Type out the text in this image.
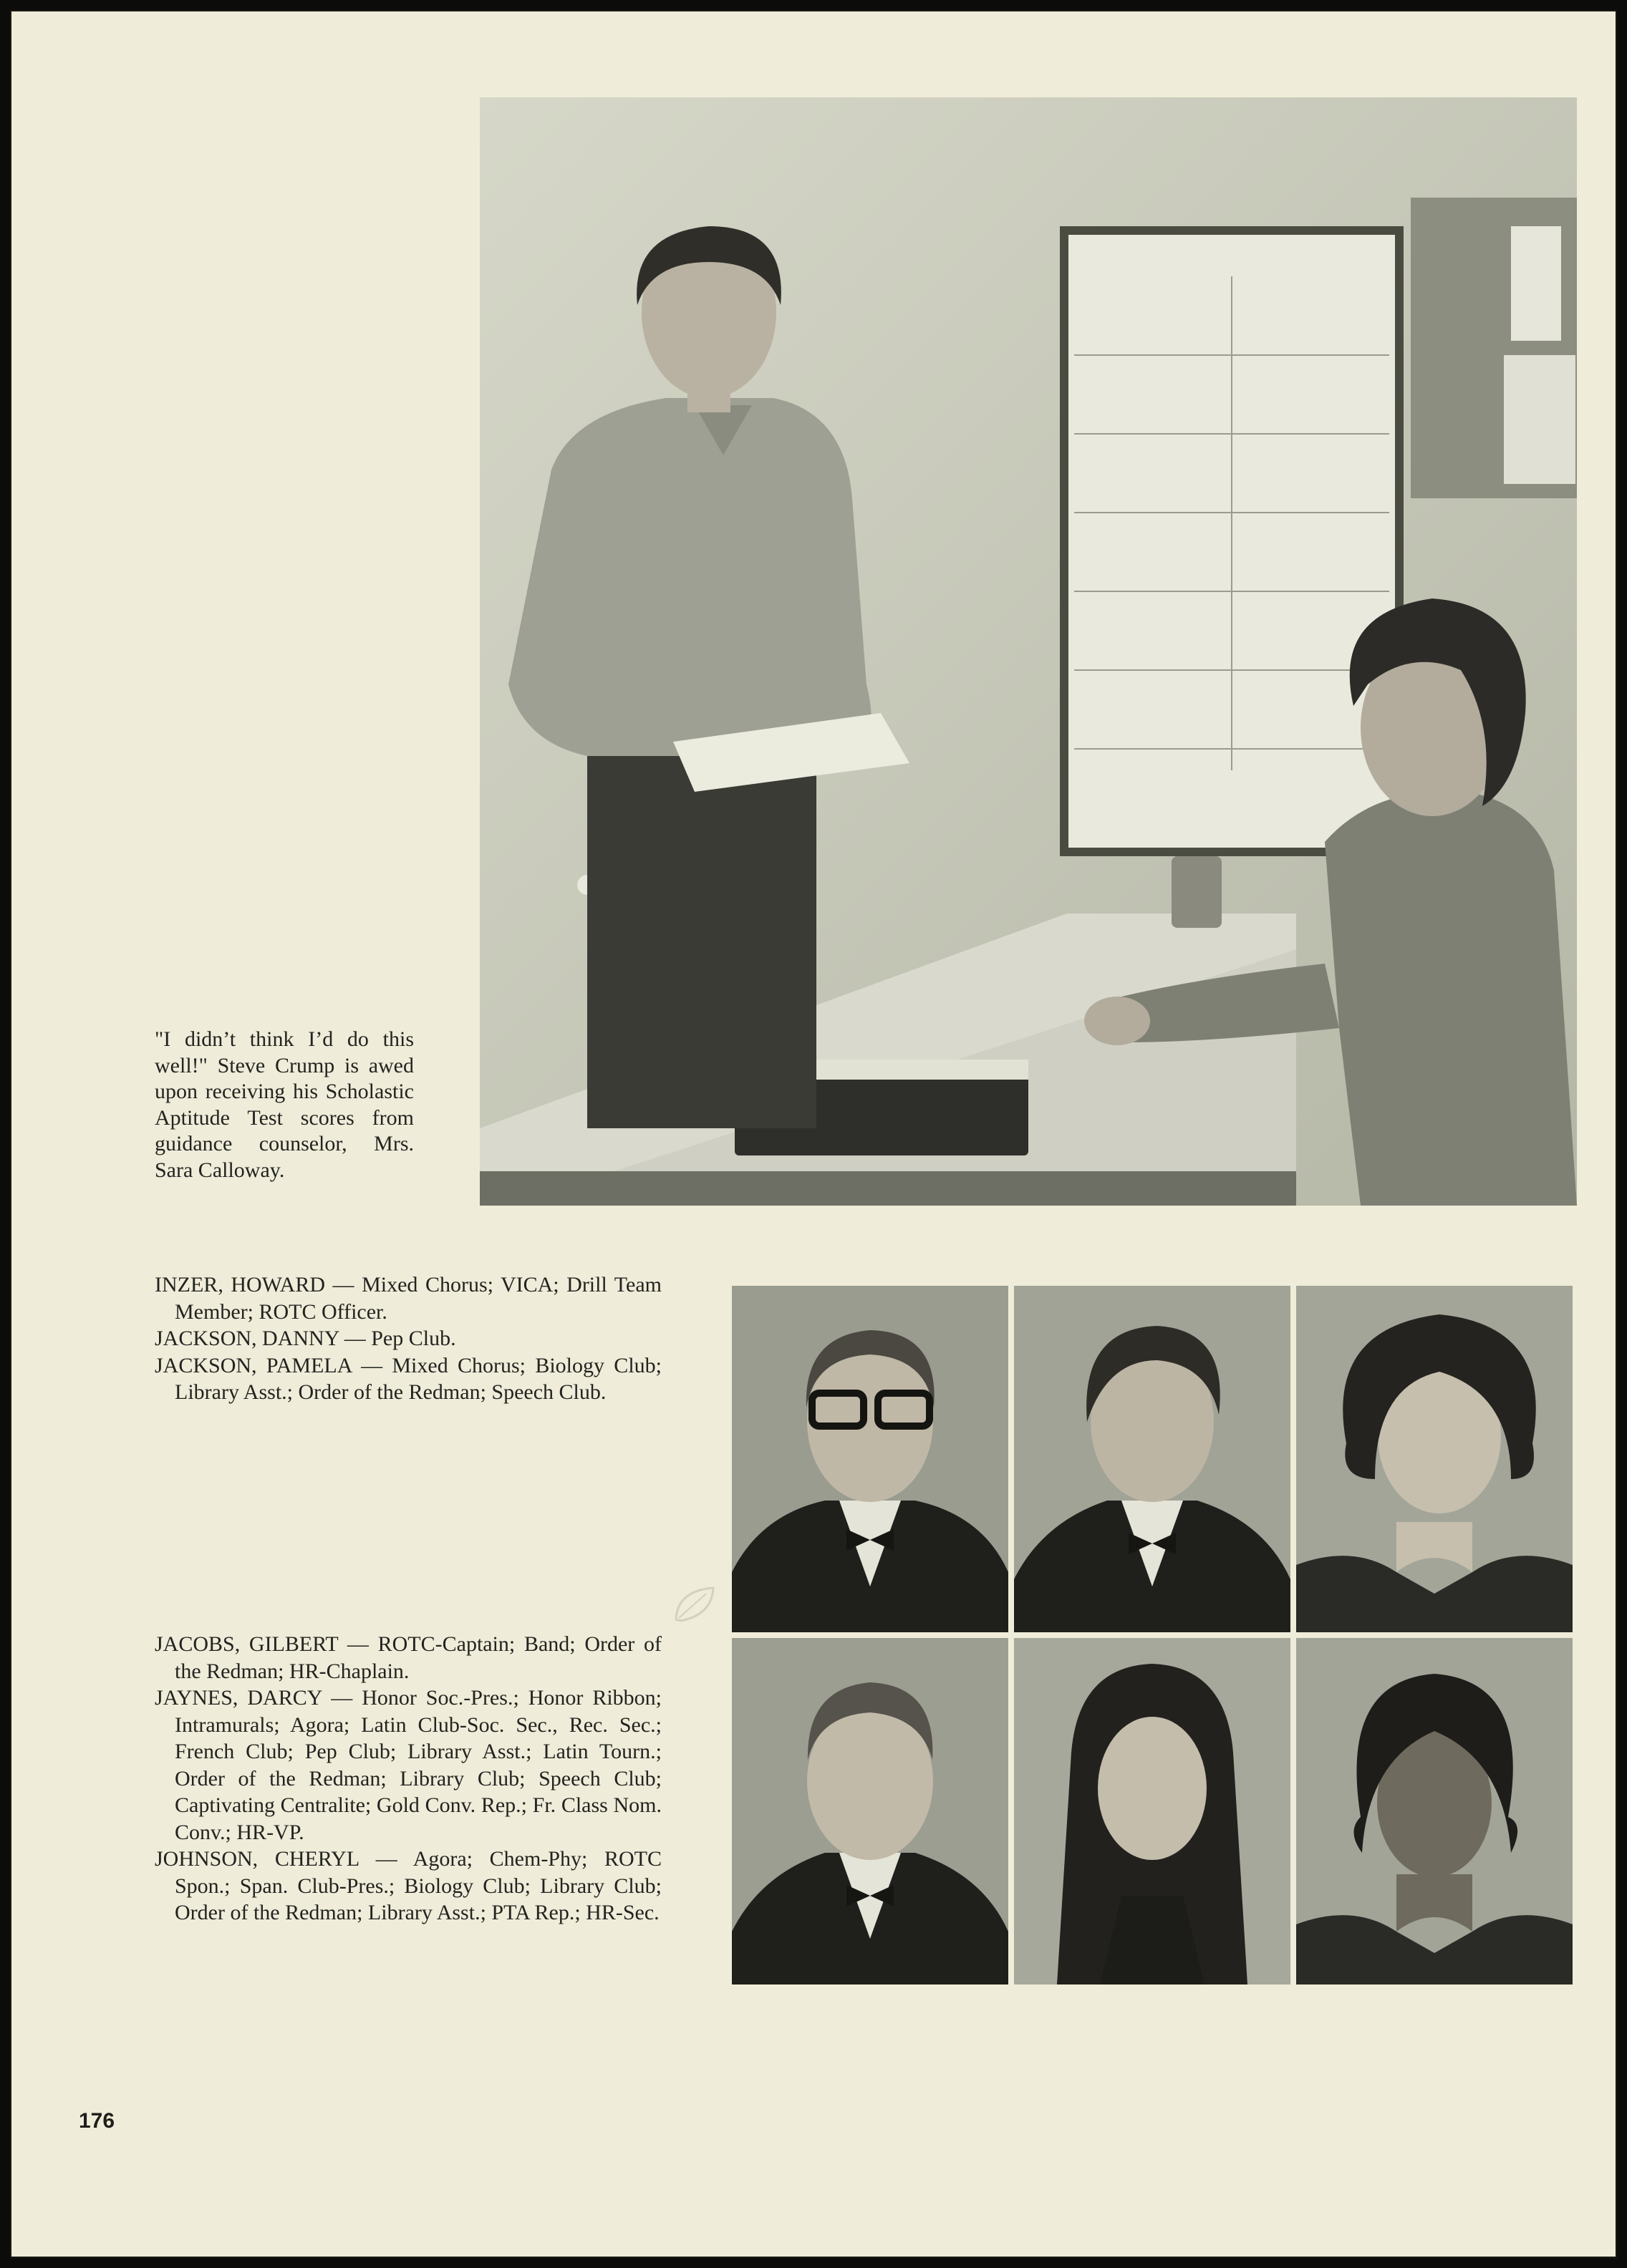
"I didn’t think I’d do this well!" Steve Crump is awed upon receiving his Scholastic Aptitude Test scores from guidance counselor, Mrs. Sara Calloway.

INZER, HOWARD — Mixed Chorus; VICA; Drill Team Member; ROTC Officer.

JACKSON, DANNY — Pep Club.

JACKSON, PAMELA — Mixed Chorus; Biology Club; Library Asst.; Order of the Redman; Speech Club.

JACOBS, GILBERT — ROTC-Captain; Band; Order of the Redman; HR-Chaplain.

JAYNES, DARCY — Honor Soc.-Pres.; Honor Ribbon; Intramurals; Agora; Latin Club-Soc. Sec., Rec. Sec.; French Club; Pep Club; Library Asst.; Latin Tourn.; Order of the Redman; Library Club; Speech Club; Captivating Centralite; Gold Conv. Rep.; Fr. Class Nom. Conv.; HR-VP.

JOHNSON, CHERYL — Agora; Chem-Phy; ROTC Spon.; Span. Club-Pres.; Biology Club; Library Club; Order of the Redman; Library Asst.; PTA Rep.; HR-Sec.

176
